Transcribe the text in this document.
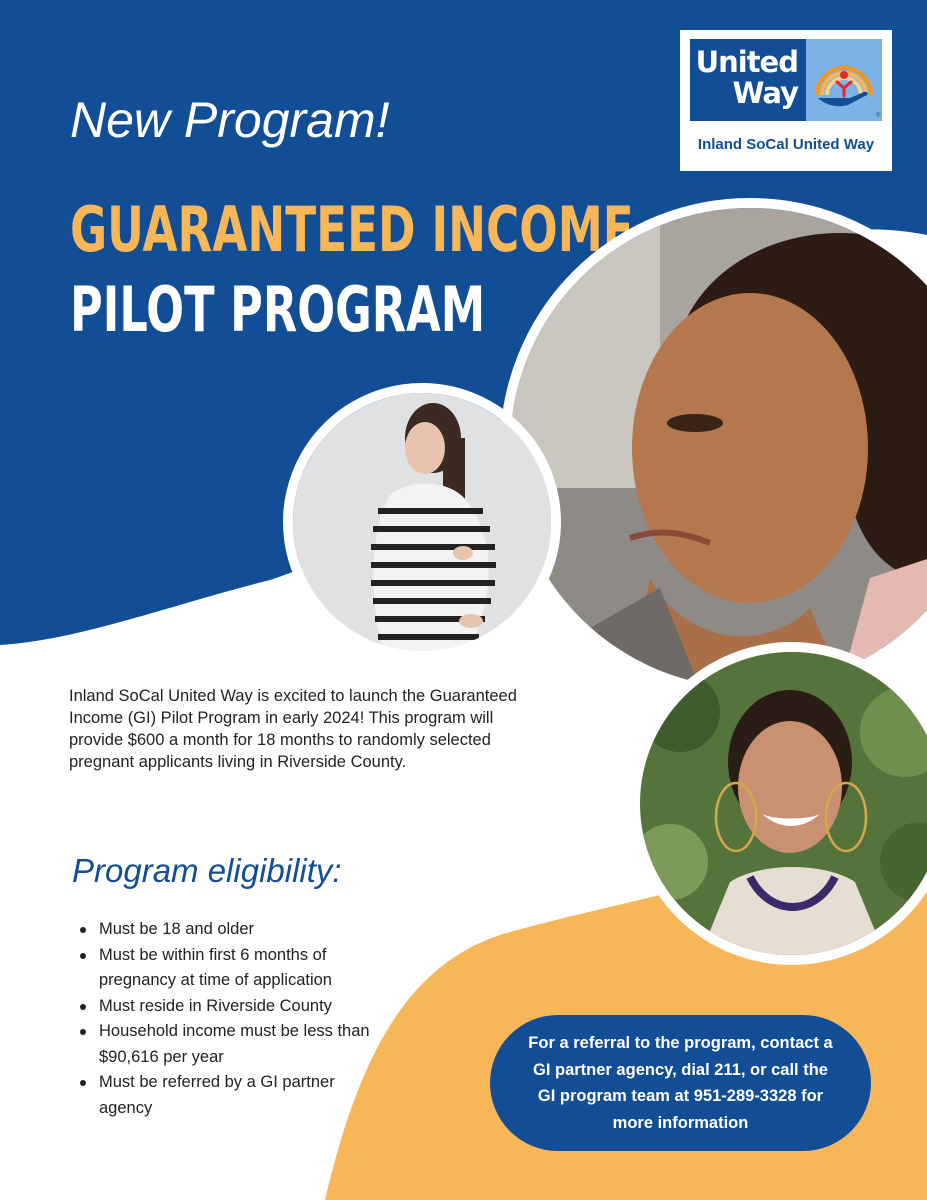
United
Way
®
Inland SoCal United Way
New Program!
GUARANTEED INCOME
PILOT PROGRAM

Inland SoCal United Way is excited to launch the Guaranteed Income (GI) Pilot Program in early 2024! This program will provide $600 a month for 18 months to randomly selected pregnant applicants living in Riverside County.

Program eligibility:
Must be 18 and older
Must be within first 6 months of pregnancy at time of application
Must reside in Riverside County
Household income must be less than $90,616 per year
Must be referred by a GI partner agency
For a referral to the program, contact a GI partner agency, dial 211, or call the GI program team at 951-289-3328 for more information
